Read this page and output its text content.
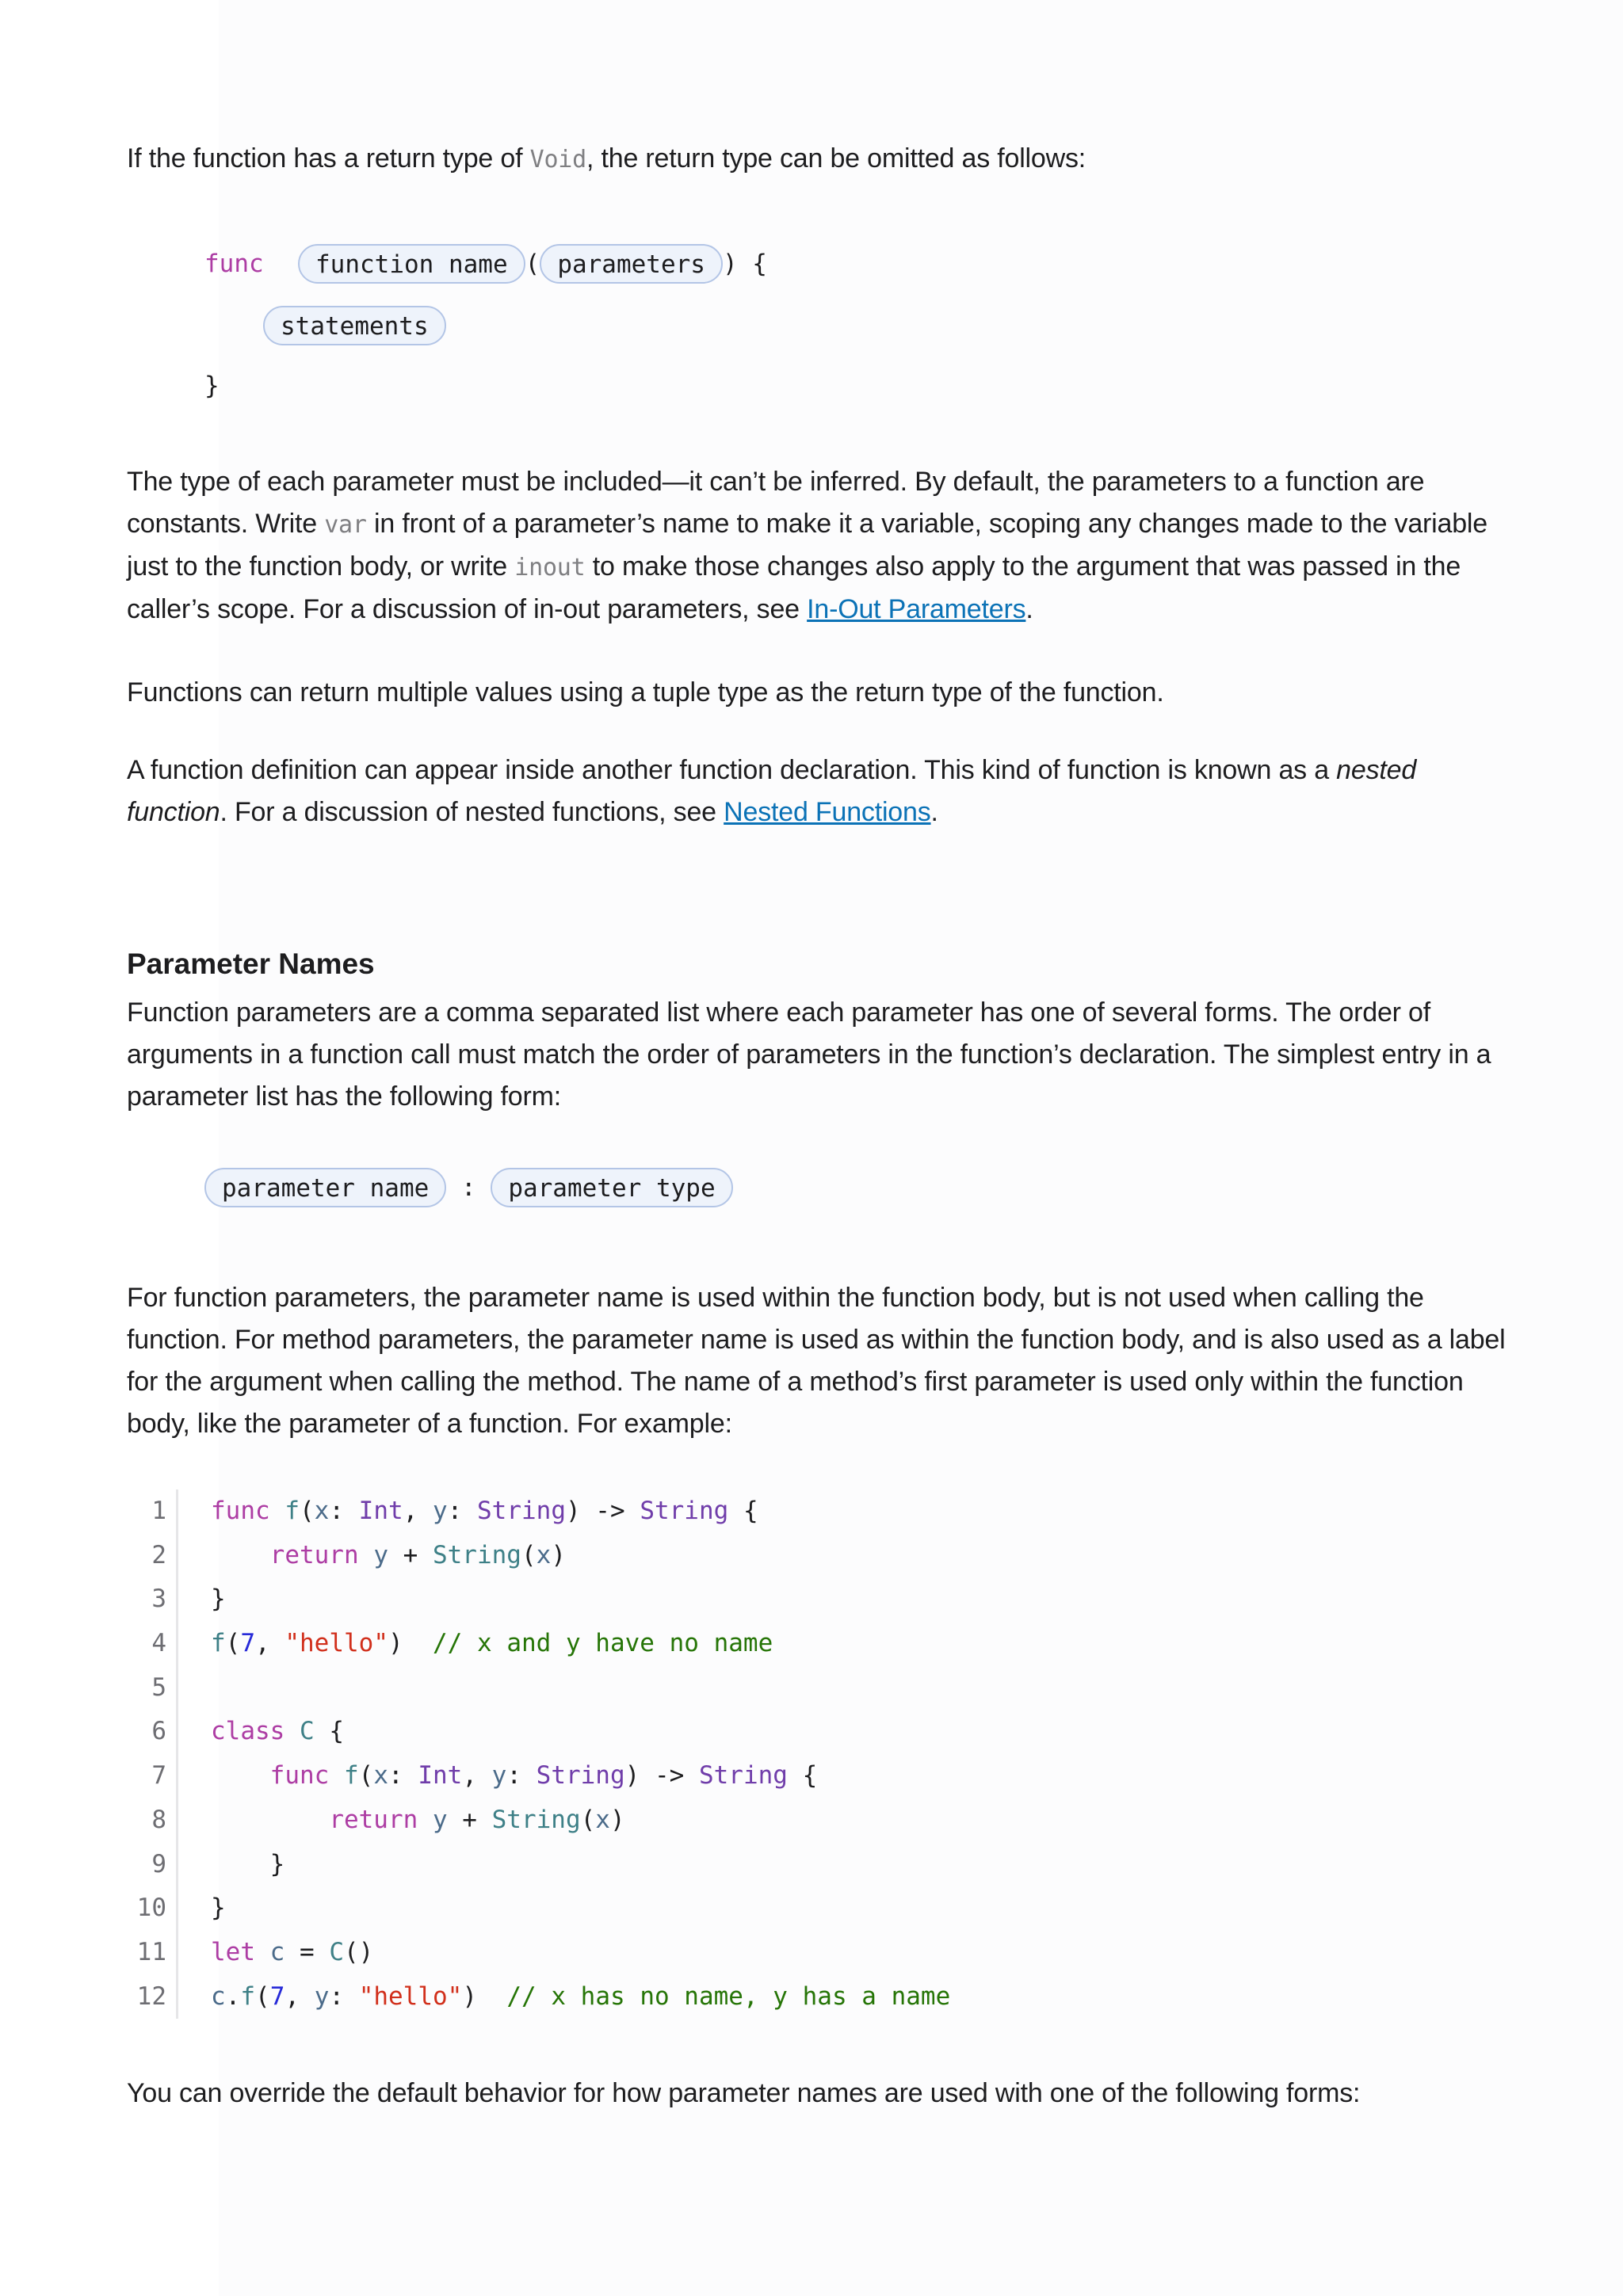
If the function has a return type of Void, the return type can be omitted as follows:

The type of each parameter must be included—it can’t be inferred. By default, the parameters to a function are constants. Write var in front of a parameter’s name to make it a variable, scoping any changes made to the variable just to the function body, or write inout to make those changes also apply to the argument that was passed in the caller’s scope. For a discussion of in-out parameters, see In-Out Parameters.

Functions can return multiple values using a tuple type as the return type of the function.

A function definition can appear inside another function declaration. This kind of function is known as a nested function. For a discussion of nested functions, see Nested Functions.

Parameter Names

Function parameters are a comma separated list where each parameter has one of several forms. The order of arguments in a function call must match the order of parameters in the function’s declaration. The simplest entry in a parameter list has the following form:

For function parameters, the parameter name is used within the function body, but is not used when calling the function. For method parameters, the parameter name is used as within the function body, and is also used as a label for the argument when calling the method. The name of a method’s first parameter is used only within the function body, like the parameter of a function. For example:

You can override the default behavior for how parameter names are used with one of the following forms:

func function name ( parameters ) {
statements
}
parameter name : parameter type
1
2
3
4
5
6
7
8
9
10
11
12
func f(x: Int, y: String) -> String {
return y + String(x)
}
f(7, "hello")  // x and y have no name

class C {
func f(x: Int, y: String) -> String {
return y + String(x)
}
}
let c = C()
c.f(7, y: "hello")  // x has no name, y has a name
